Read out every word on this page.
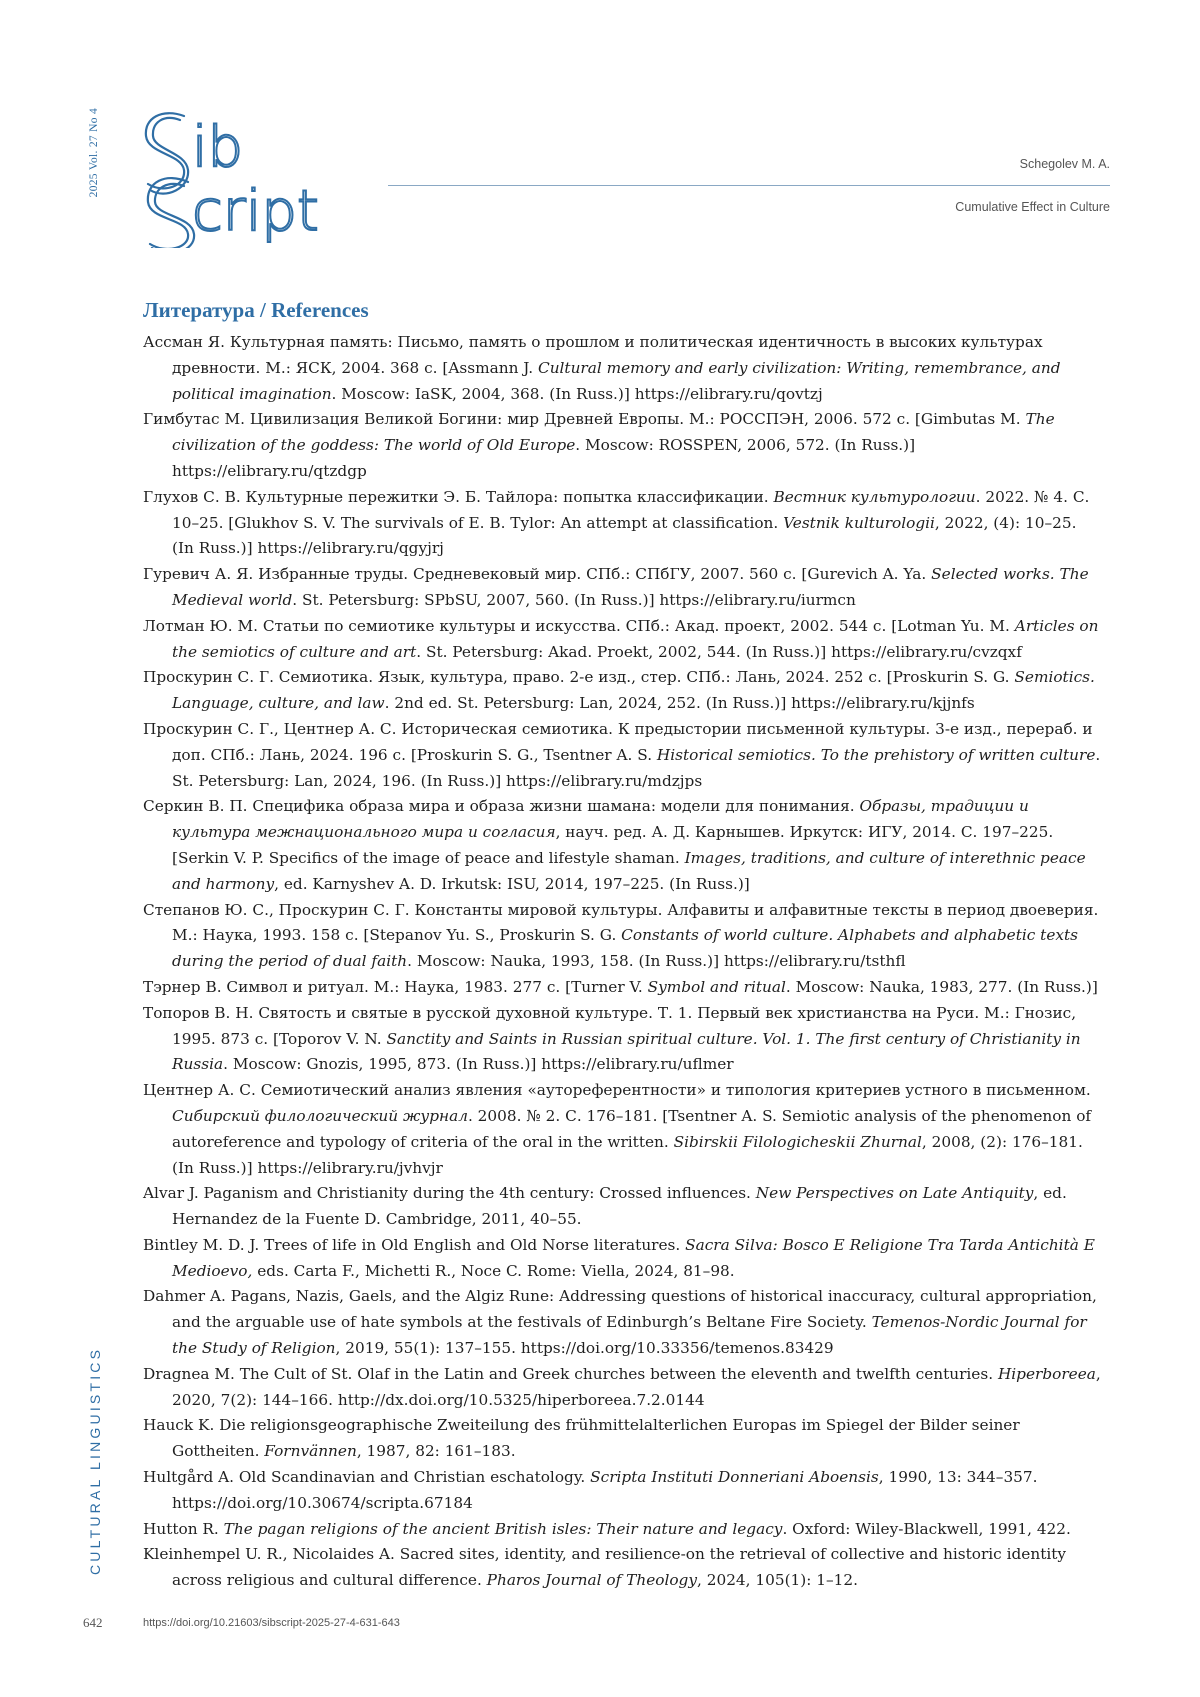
2025 Vol. 27 No 4 ib
cript
Schegolev M. A.
Cumulative Effect in Culture
Литература / References

Ассман Я. Культурная память: Письмо, память о прошлом и политическая идентичность в высоких культурах древности. М.: ЯСК, 2004. 368 с. [Assmann J. Cultural memory and early civilization: Writing, remembrance, and political imagination. Moscow: IaSK, 2004, 368. (In Russ.)] https://elibrary.ru/qovtzj

Гимбутас М. Цивилизация Великой Богини: мир Древней Европы. М.: РОССПЭН, 2006. 572 с. [Gimbutas M. The civilization of the goddess: The world of Old Europe. Moscow: ROSSPEN, 2006, 572. (In Russ.)] https://elibrary.ru/qtzdgp

Глухов С. В. Культурные пережитки Э. Б. Тайлора: попытка классификации. Вестник культурологии. 2022. № 4. С. 10–25. [Glukhov S. V. The survivals of E. B. Tylor: An attempt at classification. Vestnik kulturologii, 2022, (4): 10–25. (In Russ.)] https://elibrary.ru/qgyjrj

Гуревич А. Я. Избранные труды. Средневековый мир. СПб.: СПбГУ, 2007. 560 с. [Gurevich A. Ya. Selected works. The Medieval world. St. Petersburg: SPbSU, 2007, 560. (In Russ.)] https://elibrary.ru/iurmcn

Лотман Ю. М. Статьи по семиотике культуры и искусства. СПб.: Акад. проект, 2002. 544 с. [Lotman Yu. M. Articles on the semiotics of culture and art. St. Petersburg: Akad. Proekt, 2002, 544. (In Russ.)] https://elibrary.ru/cvzqxf

Проскурин С. Г. Семиотика. Язык, культура, право. 2-е изд., стер. СПб.: Лань, 2024. 252 с. [Proskurin S. G. Semiotics. Language, culture, and law. 2nd ed. St. Petersburg: Lan, 2024, 252. (In Russ.)] https://elibrary.ru/kjjnfs

Проскурин С. Г., Центнер А. С. Историческая семиотика. К предыстории письменной культуры. 3-е изд., перераб. и доп. СПб.: Лань, 2024. 196 с. [Proskurin S. G., Tsentner A. S. Historical semiotics. To the prehistory of written culture. St. Petersburg: Lan, 2024, 196. (In Russ.)] https://elibrary.ru/mdzjps

Серкин В. П. Специфика образа мира и образа жизни шамана: модели для понимания. Образы, традиции и культура межнационального мира и согласия, науч. ред. А. Д. Карнышев. Иркутск: ИГУ, 2014. С. 197–225. [Serkin V. P. Specifics of the image of peace and lifestyle shaman. Images, traditions, and culture of interethnic peace and harmony, ed. Karnyshev A. D. Irkutsk: ISU, 2014, 197–225. (In Russ.)]

Степанов Ю. С., Проскурин С. Г. Константы мировой культуры. Алфавиты и алфавитные тексты в период двоеверия. М.: Наука, 1993. 158 с. [Stepanov Yu. S., Proskurin S. G. Constants of world culture. Alphabets and alphabetic texts during the period of dual faith. Moscow: Nauka, 1993, 158. (In Russ.)] https://elibrary.ru/tsthfl

Тэрнер В. Символ и ритуал. М.: Наука, 1983. 277 с. [Turner V. Symbol and ritual. Moscow: Nauka, 1983, 277. (In Russ.)]

Топоров В. Н. Святость и святые в русской духовной культуре. Т. 1. Первый век христианства на Руси. М.: Гнозис, 1995. 873 с. [Toporov V. N. Sanctity and Saints in Russian spiritual culture. Vol. 1. The first century of Christianity in Russia. Moscow: Gnozis, 1995, 873. (In Russ.)] https://elibrary.ru/uflmer

Центнер А. С. Семиотический анализ явления «аутореферентности» и типология критериев устного в письменном. Сибирский филологический журнал. 2008. № 2. С. 176–181. [Tsentner A. S. Semiotic analysis of the phenomenon of autoreference and typology of criteria of the oral in the written. Sibirskii Filologicheskii Zhurnal, 2008, (2): 176–181. (In Russ.)] https://elibrary.ru/jvhvjr

Alvar J. Paganism and Christianity during the 4th century: Crossed influences. New Perspectives on Late Antiquity, ed. Hernandez de la Fuente D. Cambridge, 2011, 40–55.

Bintley M. D. J. Trees of life in Old English and Old Norse literatures. Sacra Silva: Bosco E Religione Tra Tarda Antichità E Medioevo, eds. Carta F., Michetti R., Noce C. Rome: Viella, 2024, 81–98.

Dahmer A. Pagans, Nazis, Gaels, and the Algiz Rune: Addressing questions of historical inaccuracy, cultural appropriation, and the arguable use of hate symbols at the festivals of Edinburgh’s Beltane Fire Society. Temenos-Nordic Journal for the Study of Religion, 2019, 55(1): 137–155. https://doi.org/10.33356/temenos.83429

Dragnea M. The Cult of St. Olaf in the Latin and Greek churches between the eleventh and twelfth centuries. Hiperboreea, 2020, 7(2): 144–166. http://dx.doi.org/10.5325/hiperboreea.7.2.0144

Hauck K. Die religionsgeographische Zweiteilung des frühmittelalterlichen Europas im Spiegel der Bilder seiner Gottheiten. Fornvännen, 1987, 82: 161–183.

Hultgård A. Old Scandinavian and Christian eschatology. Scripta Instituti Donneriani Aboensis, 1990, 13: 344–357. https://doi.org/10.30674/scripta.67184

Hutton R. The pagan religions of the ancient British isles: Their nature and legacy. Oxford: Wiley-Blackwell, 1991, 422.

Kleinhempel U. R., Nicolaides A. Sacred sites, identity, and resilience-on the retrieval of collective and historic identity across religious and cultural difference. Pharos Journal of Theology, 2024, 105(1): 1–12.

CULTURAL LINGUISTICS
642	https://doi.org/10.21603/sibscript-2025-27-4-631-643
